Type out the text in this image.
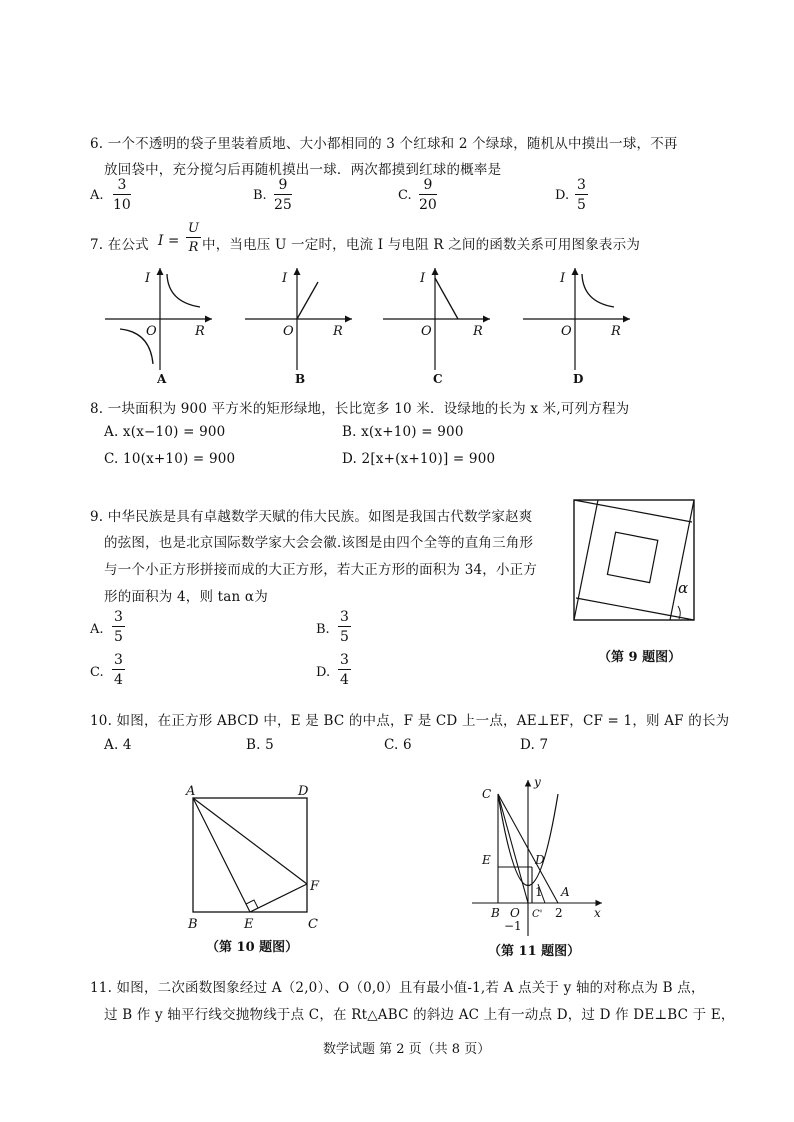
6. 一个不透明的袋子里装着质地、大小都相同的 3 个红球和 2 个绿球，随机从中摸出一球，不再
放回袋中，充分搅匀后再随机摸出一球．两次都摸到红球的概率是
A. $\frac{3}{10}$	B. $\frac{9}{25}$	C. $\frac{9}{20}$	D. $\frac{3}{5}$
7. 在公式 $I = \frac{U}{R}$ 中，当电压 U 一定时，电流 I 与电阻 R 之间的函数关系可用图象表示为
I
R
O
A
I
R
O
B
I
R
O
C
I
R
O
D
8. 一块面积为 900 平方米的矩形绿地，长比宽多 10 米．设绿地的长为 x 米,可列方程为
A. x(x−10) = 900	B. x(x+10) = 900
C. 10(x+10) = 900	D. 2[x+(x+10)] = 900
9. 中华民族是具有卓越数学天赋的伟大民族。如图是我国古代数学家赵爽
的弦图，也是北京国际数学家大会会徽.该图是由四个全等的直角三角形
与一个小正方形拼接而成的大正方形，若大正方形的面积为 34，小正方
形的面积为 4，则 tan α为
A. $\frac{3}{5}$	B. $\frac{3}{5}$
C. $\frac{3}{4}$	D. $\frac{3}{4}$
α
（第 9 题图）
10. 如图，在正方形 ABCD 中，E 是 BC 的中点，F 是 CD 上一点，AE⊥EF，CF = 1，则 AF 的长为
A. 4	B. 5	C. 6	D. 7
A	D
F
B	E	C
（第 10 题图）
C
y
E	D
1 A
B O C' 2	x
−1
（第 11 题图）
11. 如图，二次函数图象经过 A（2,0）、O（0,0）且有最小值-1,若 A 点关于 y 轴的对称点为 B 点，
过 B 作 y 轴平行线交抛物线于点 C，在 Rt△ABC 的斜边 AC 上有一动点 D，过 D 作 DE⊥BC 于 E，
数学试题 第 2 页（共 8 页）
